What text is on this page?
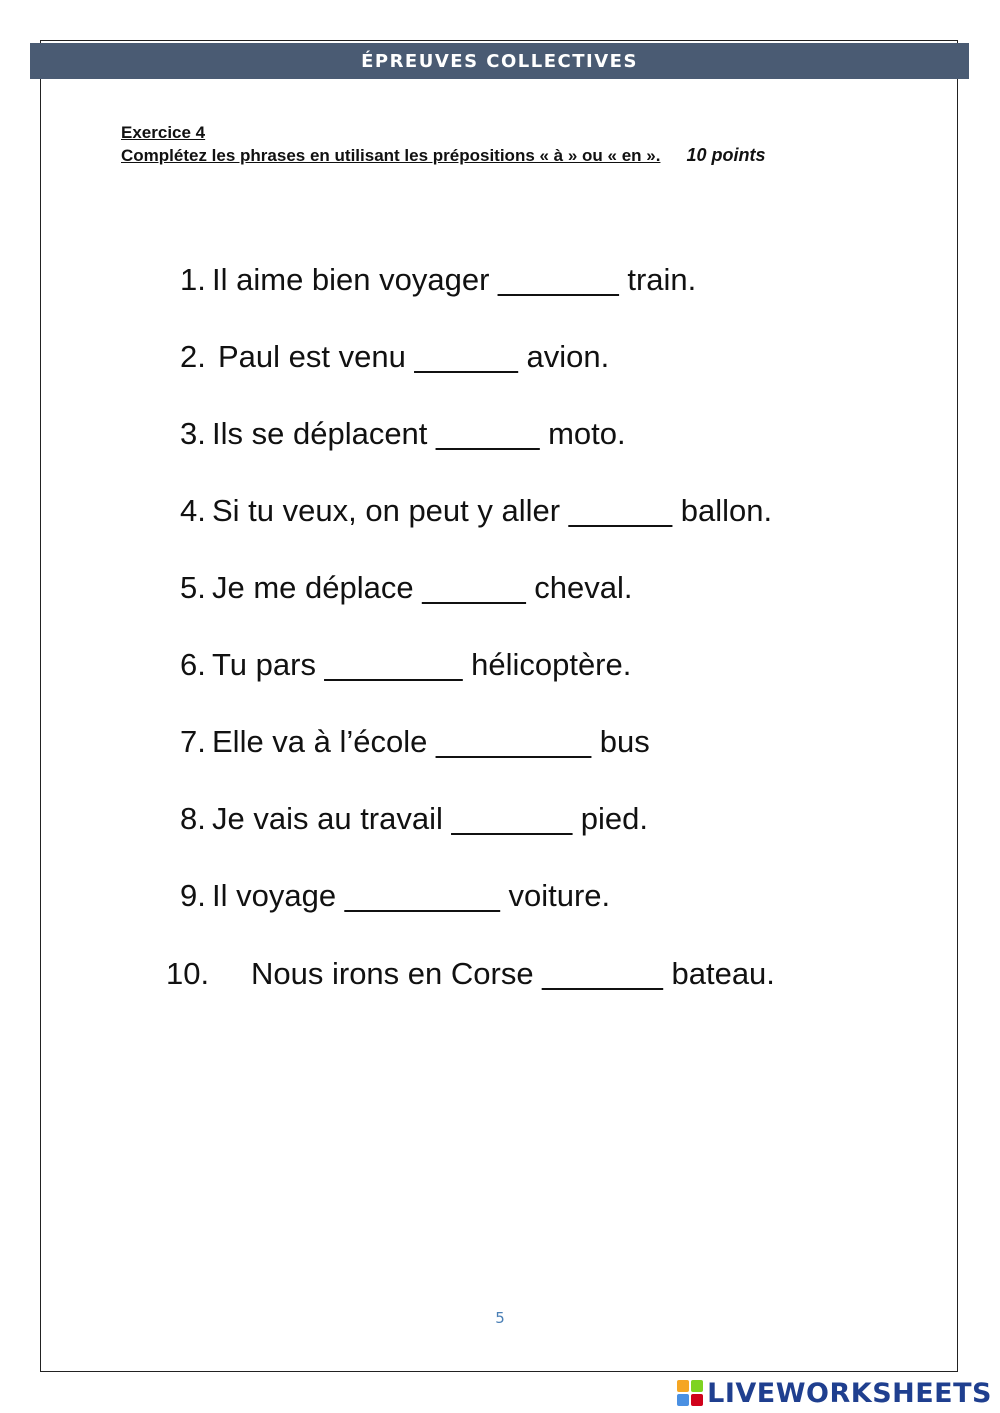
ÉPREUVES COLLECTIVES
Exercice 4
Complétez les phrases en utilisant les prépositions « à » ou « en ». 10 points
1. Il aime bien voyager _______ train.
2. Paul est venu ______ avion.
3. Ils se déplacent ______ moto.
4. Si tu veux, on peut y aller ______ ballon.
5. Je me déplace ______ cheval.
6. Tu pars ________ hélicoptère.
7. Elle va à l’école _________ bus
8. Je vais au travail _______ pied.
9. Il voyage _________ voiture.
10. Nous irons en Corse _______ bateau.
5
LIVEWORKSHEETS
